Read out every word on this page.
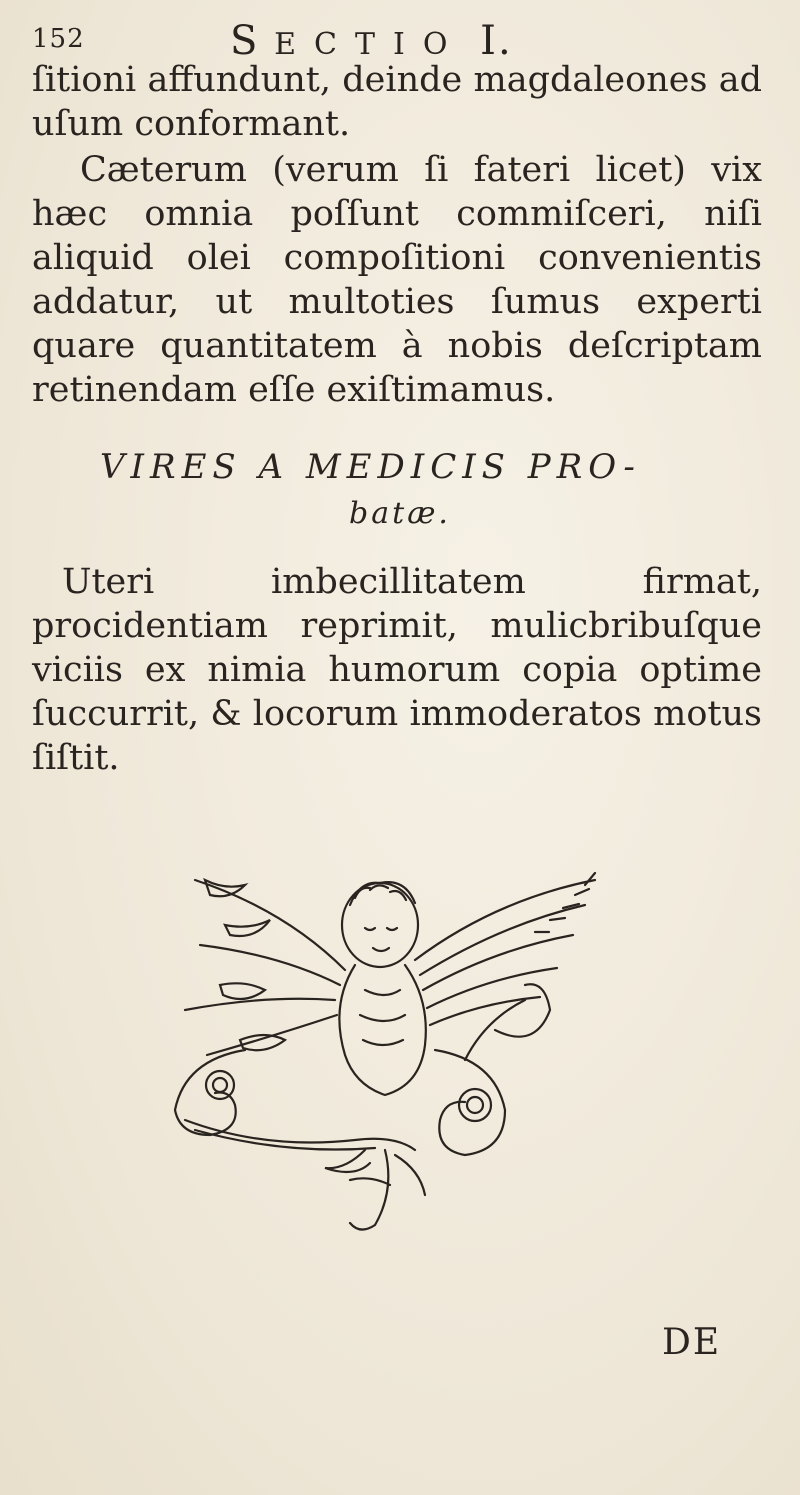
152	S ECTIO I.
ſitioni affundunt, deinde magdaleones ad uſum conformant.
Cæterum (verum ſi fateri licet) vix hæc omnia poſſunt commiſceri, niſi aliquid olei compoſitioni convenientis addatur, ut multoties ſumus experti quare quantitatem à nobis deſcriptam retinendam eſſe exiſtimamus.
VIRES A MEDICIS PRO-
batæ.
Uteri imbecillitatem firmat, procidentiam reprimit, mulicbribuſque viciis ex nimia humorum copia optime ſuccurrit, & locorum immoderatos motus ſiſtit.
DE
